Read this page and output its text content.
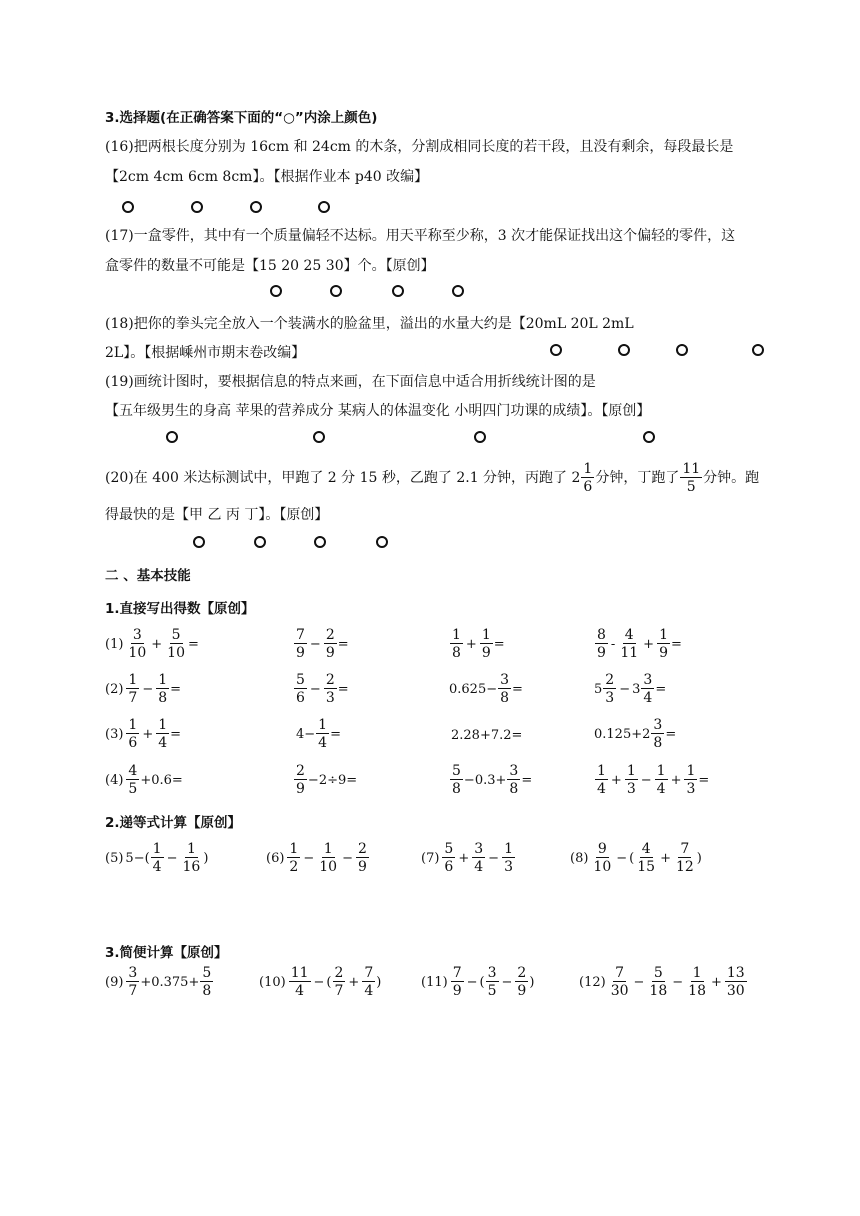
3.选择题(在正确答案下面的“○”内涂上颜色)
(16)把两根长度分别为 16cm 和 24cm 的木条，分割成相同长度的若干段，且没有剩余，每段最长是
【2cm 4cm 6cm 8cm】。【根据作业本 p40 改编】
(17)一盒零件，其中有一个质量偏轻不达标。用天平称至少称，3 次才能保证找出这个偏轻的零件，这
盒零件的数量不可能是【15 20 25 30】个。【原创】
(18)把你的拳头完全放入一个装满水的脸盆里，溢出的水量大约是【20mL 20L 2mL
2L】。【根据嵊州市期末卷改编】
(19)画统计图时，要根据信息的特点来画，在下面信息中适合用折线统计图的是
【五年级男生的身高 苹果的营养成分 某病人的体温变化 小明四门功课的成绩】。【原创】
(20)在 400 米达标测试中，甲跑了 2 分 15 秒，乙跑了 2.1 分钟，丙跑了 $2 \frac{1}{6}$ 分钟，丁跑了 $\frac{11}{5}$ 分钟。跑
得最快的是【甲 乙 丙 丁】。【原创】
二 、基本技能
1.直接写出得数【原创】
$(1) \frac{3}{10} + \frac{5}{10}$ =	$\frac{7}{9} - \frac{2}{9}$ =	$\frac{1}{8} + \frac{1}{9}$ =	$\frac{8}{9} - \frac{4}{11} + \frac{1}{9}$ =
$(2) \frac{1}{7} - \frac{1}{8}$ =	$\frac{5}{6} - \frac{2}{3}$ =	$0.625- \frac{3}{8}$ =	$5 \frac{2}{3} - 3 \frac{3}{4}$ =
$(3) \frac{1}{6} + \frac{1}{4}$ =	$4- \frac{1}{4}$ =	2.28+7.2=	$0.125+2 \frac{3}{8}$ =
$(4) \frac{4}{5} +0.6=$	$\frac{2}{9} -2\div 9=$	$\frac{5}{8} -0.3+ \frac{3}{8}$ =	$\frac{1}{4} + \frac{1}{3} - \frac{1}{4} + \frac{1}{3}$ =
2.递等式计算【原创】
(5) $5-( \frac{1}{4} - \frac{1}{16}$ )	$(6) \frac{1}{2} - \frac{1}{10} - \frac{2}{9}$	$(7) \frac{5}{6} + \frac{3}{4} - \frac{1}{3}$	$(8) \frac{9}{10}$ − ( $\frac{4}{15} + \frac{7}{12}$ )
3.简便计算【原创】
$(9) \frac{3}{7} +0.375+ \frac{5}{8}$	$(10) \frac{11}{4}$ − ( $\frac{2}{7} + \frac{7}{4}$ )	$(11) \frac{7}{9}$ − ( $\frac{3}{5} - \frac{2}{9}$ )	$(12) \frac{7}{30} - \frac{5}{18} - \frac{1}{18} + \frac{13}{30}$
